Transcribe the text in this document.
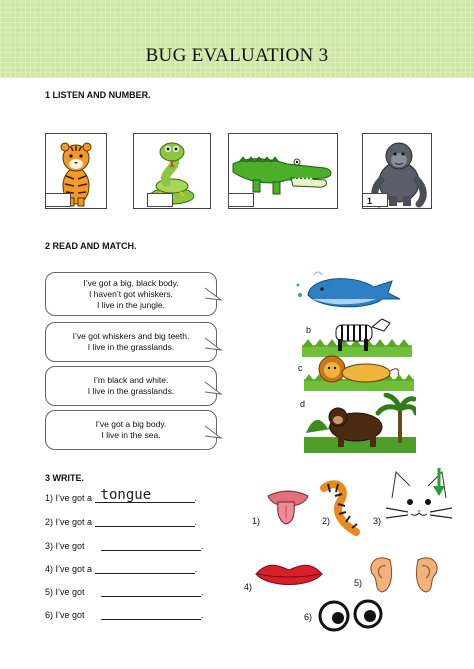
BUG EVALUATION 3
1 LISTEN AND NUMBER.
1
2 READ AND MATCH.
I’ve got a big, black body.
I haven’t got whiskers.
I live in the jungle.
I’ve got whiskers and big teeth.
I live in the grasslands.
I’m black and white.
I live in the grasslands.
I’ve got a big body.
I live in the sea.
b
c
d
3 WRITE.
1) I’ve got a tongue	.
2) I’ve got a	.
3) I’ve got	.
4) I’ve got a	.
5) I’ve got	.
6) I’ve got	.
1)	2)	3)
4)	5)
6)
